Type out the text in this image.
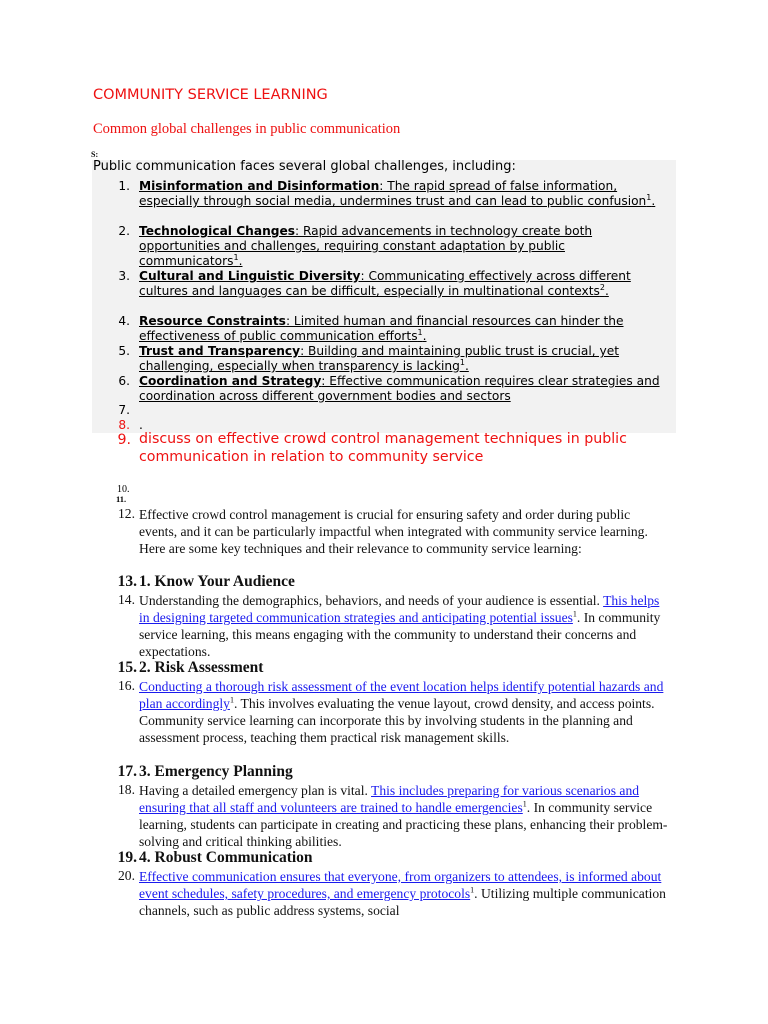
COMMUNITY SERVICE LEARNING
Common global challenges in public communication
S:
Public communication faces several global challenges, including:
1. Misinformation and Disinformation: The rapid spread of false information, especially through social media, undermines trust and can lead to public confusion$^1$.
2. Technological Changes: Rapid advancements in technology create both opportunities and challenges, requiring constant adaptation by public communicators$^1$.
3. Cultural and Linguistic Diversity: Communicating effectively across different cultures and languages can be difficult, especially in multinational contexts$^2$.
4. Resource Constraints: Limited human and financial resources can hinder the effectiveness of public communication efforts$^1$.
5. Trust and Transparency: Building and maintaining public trust is crucial, yet challenging, especially when transparency is lacking$^1$.
6. Coordination and Strategy: Effective communication requires clear strategies and coordination across different government bodies and sectors
7.
8. .
9. discuss on effective crowd control management techniques in public communication in relation to community service
10.
11.
12. Effective crowd control management is crucial for ensuring safety and order during public events, and it can be particularly impactful when integrated with community service learning. Here are some key techniques and their relevance to community service learning:
13. 1. Know Your Audience
14. Understanding the demographics, behaviors, and needs of your audience is essential. This helps in designing targeted communication strategies and anticipating potential issues$^1$. In community service learning, this means engaging with the community to understand their concerns and expectations.
15. 2. Risk Assessment
16. Conducting a thorough risk assessment of the event location helps identify potential hazards and plan accordingly$^1$. This involves evaluating the venue layout, crowd density, and access points. Community service learning can incorporate this by involving students in the planning and assessment process, teaching them practical risk management skills.
17. 3. Emergency Planning
18. Having a detailed emergency plan is vital. This includes preparing for various scenarios and ensuring that all staff and volunteers are trained to handle emergencies$^1$. In community service learning, students can participate in creating and practicing these plans, enhancing their problem-solving and critical thinking abilities.
19. 4. Robust Communication
20. Effective communication ensures that everyone, from organizers to attendees, is informed about event schedules, safety procedures, and emergency protocols$^1$. Utilizing multiple communication channels, such as public address systems, social
